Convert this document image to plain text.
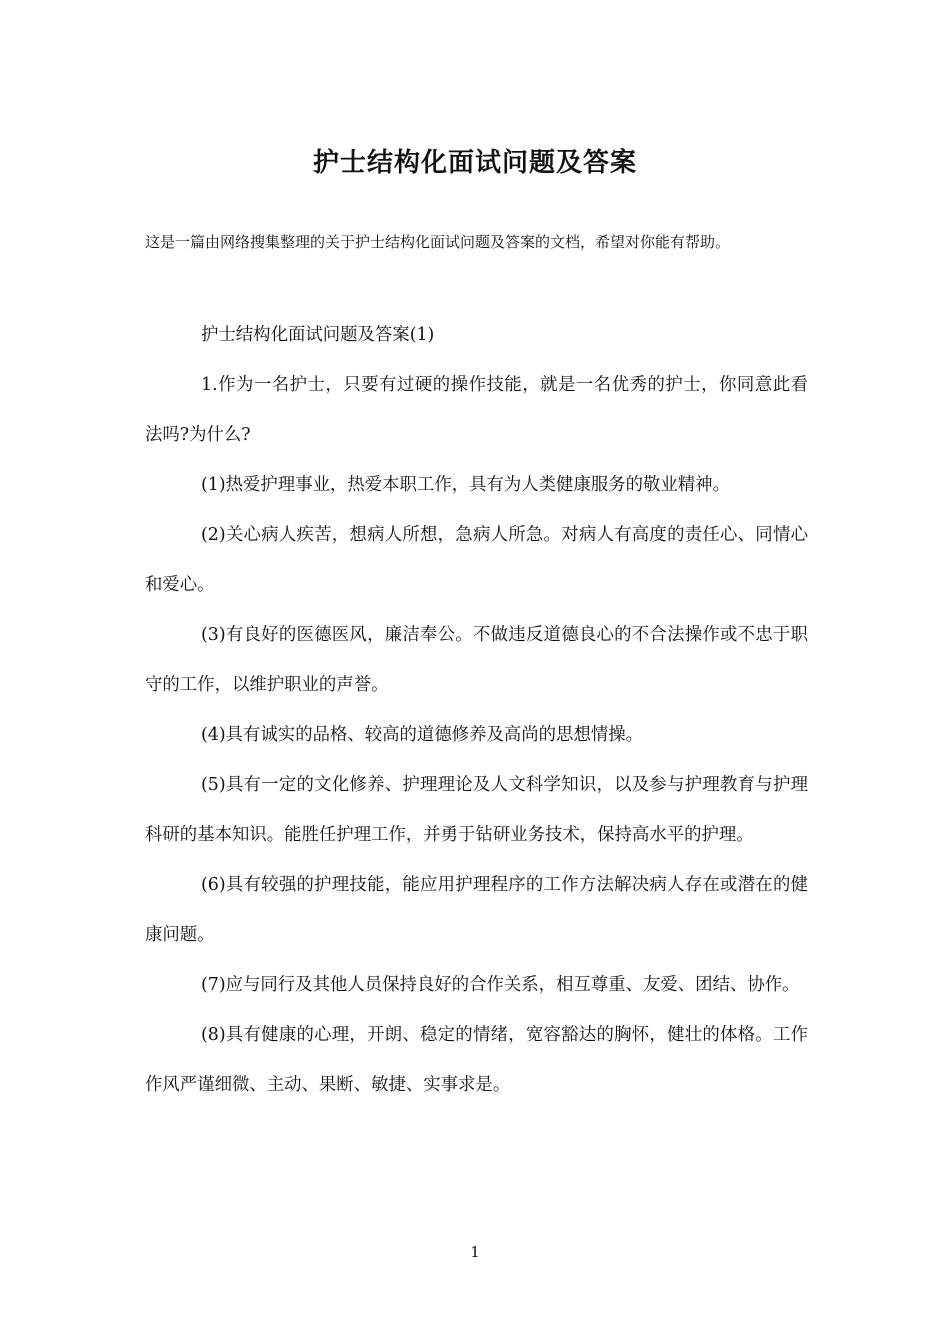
护士结构化面试问题及答案
这是一篇由网络搜集整理的关于护士结构化面试问题及答案的文档，希望对你能有帮助。

护士结构化面试问题及答案(1)

1.作为一名护士，只要有过硬的操作技能，就是一名优秀的护士，你同意此看法吗?为什么?

(1)热爱护理事业，热爱本职工作，具有为人类健康服务的敬业精神。

(2)关心病人疾苦，想病人所想，急病人所急。对病人有高度的责任心、同情心和爱心。

(3)有良好的医德医风，廉洁奉公。不做违反道德良心的不合法操作或不忠于职守的工作，以维护职业的声誉。

(4)具有诚实的品格、较高的道德修养及高尚的思想情操。

(5)具有一定的文化修养、护理理论及人文科学知识，以及参与护理教育与护理科研的基本知识。能胜任护理工作，并勇于钻研业务技术，保持高水平的护理。

(6)具有较强的护理技能，能应用护理程序的工作方法解决病人存在或潜在的健康问题。

(7)应与同行及其他人员保持良好的合作关系，相互尊重、友爱、团结、协作。

(8)具有健康的心理，开朗、稳定的情绪，宽容豁达的胸怀，健壮的体格。工作作风严谨细微、主动、果断、敏捷、实事求是。

1
